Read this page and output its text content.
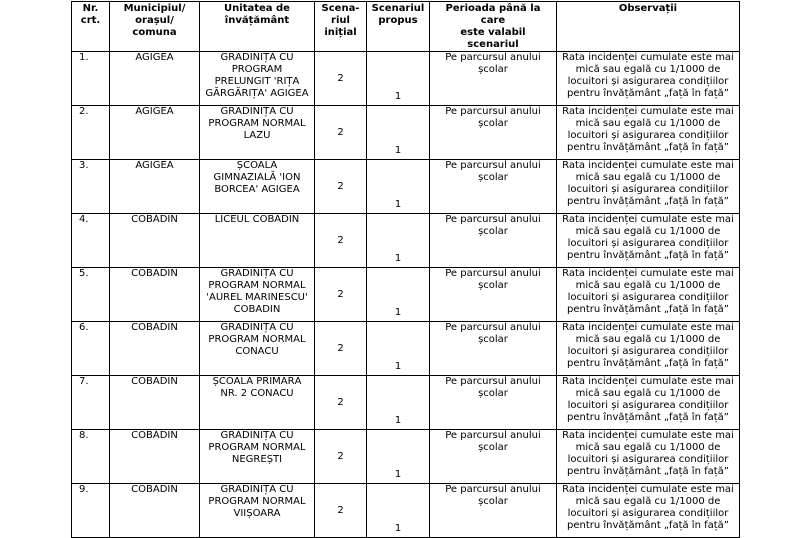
Nr.
crt.	Municipiul/
orașul/
comuna	Unitatea de
învățământ	Scena-
riul
inițial	Scenariul
propus	Perioada până la care
este valabil scenariul	Observații
1.	AGIGEA	GRĂDINIȚA CU
PROGRAM
PRELUNGIT 'RIȚA
GĂRGĂRIȚA' AGIGEA	2	1	Pe parcursul anului
școlar	Rata incidenței cumulate este mai
mică sau egală cu 1/1000 de
locuitori și asigurarea condițiilor
pentru învățământ „față în față”
2.	AGIGEA	GRĂDINIȚA CU
PROGRAM NORMAL
LAZU	2	1	Pe parcursul anului
școlar	Rata incidenței cumulate este mai
mică sau egală cu 1/1000 de
locuitori și asigurarea condițiilor
pentru învățământ „față în față”
3.	AGIGEA	ȘCOALA
GIMNAZIALĂ 'ION
BORCEA' AGIGEA	2	1	Pe parcursul anului
școlar	Rata incidenței cumulate este mai
mică sau egală cu 1/1000 de
locuitori și asigurarea condițiilor
pentru învățământ „față în față”
4.	COBADIN	LICEUL COBADIN	2	1	Pe parcursul anului
școlar	Rata incidenței cumulate este mai
mică sau egală cu 1/1000 de
locuitori și asigurarea condițiilor
pentru învățământ „față în față”
5.	COBADIN	GRĂDINIȚA CU
PROGRAM NORMAL
'AUREL MARINESCU'
COBADIN	2	1	Pe parcursul anului
școlar	Rata incidenței cumulate este mai
mică sau egală cu 1/1000 de
locuitori și asigurarea condițiilor
pentru învățământ „față în față”
6.	COBADIN	GRĂDINIȚA CU
PROGRAM NORMAL
CONACU	2	1	Pe parcursul anului
școlar	Rata incidenței cumulate este mai
mică sau egală cu 1/1000 de
locuitori și asigurarea condițiilor
pentru învățământ „față în față”
7.	COBADIN	ȘCOALA PRIMARĂ
NR. 2 CONACU	2	1	Pe parcursul anului
școlar	Rata incidenței cumulate este mai
mică sau egală cu 1/1000 de
locuitori și asigurarea condițiilor
pentru învățământ „față în față”
8.	COBADIN	GRĂDINIȚA CU
PROGRAM NORMAL
NEGREȘTI	2	1	Pe parcursul anului
școlar	Rata incidenței cumulate este mai
mică sau egală cu 1/1000 de
locuitori și asigurarea condițiilor
pentru învățământ „față în față”
9.	COBADIN	GRĂDINIȚA CU
PROGRAM NORMAL
VIIȘOARA	2	1	Pe parcursul anului
școlar	Rata incidenței cumulate este mai
mică sau egală cu 1/1000 de
locuitori și asigurarea condițiilor
pentru învățământ „față în față”
